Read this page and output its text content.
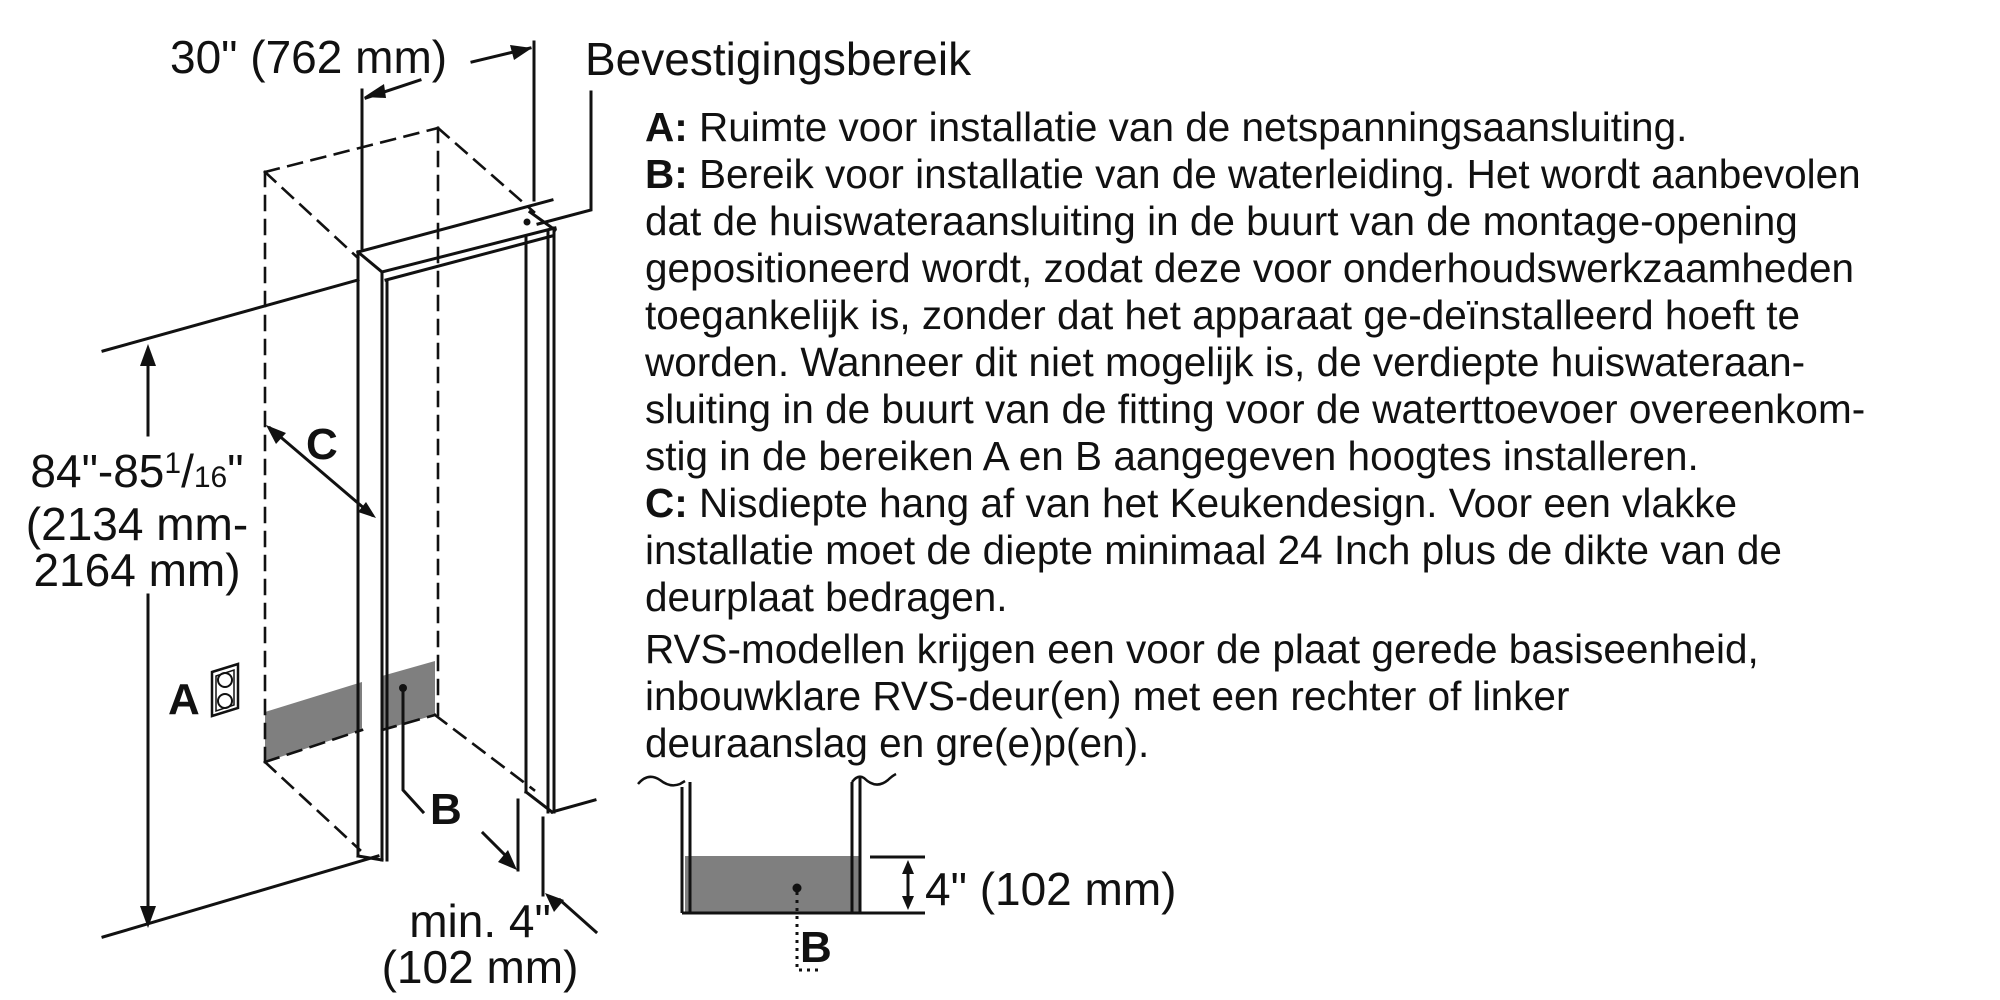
30" (762 mm)	Bevestigingsbereik
$84"-85^1/16$"
(2134 mm-
2164 mm)
A
C
B
min. 4"
(102 mm)
4" (102 mm)
B
A: Ruimte voor installatie van de netspanningsaansluiting.
B: Bereik voor installatie van de waterleiding. Het wordt aanbevolen
dat de huiswateraansluiting in de buurt van de montage-opening
gepositioneerd wordt, zodat deze voor onderhoudswerkzaamheden
toegankelijk is, zonder dat het apparaat ge-deïnstalleerd hoeft te
worden. Wanneer dit niet mogelijk is, de verdiepte huiswateraan-
sluiting in de buurt van de fitting voor de waterttoevoer overeenkom-
stig in de bereiken A en B aangegeven hoogtes installeren.
C: Nisdiepte hang af van het Keukendesign. Voor een vlakke
installatie moet de diepte minimaal 24 Inch plus de dikte van de
deurplaat bedragen.
RVS-modellen krijgen een voor de plaat gerede basiseenheid,
inbouwklare RVS-deur(en) met een rechter of linker
deuraanslag en gre(e)p(en).
